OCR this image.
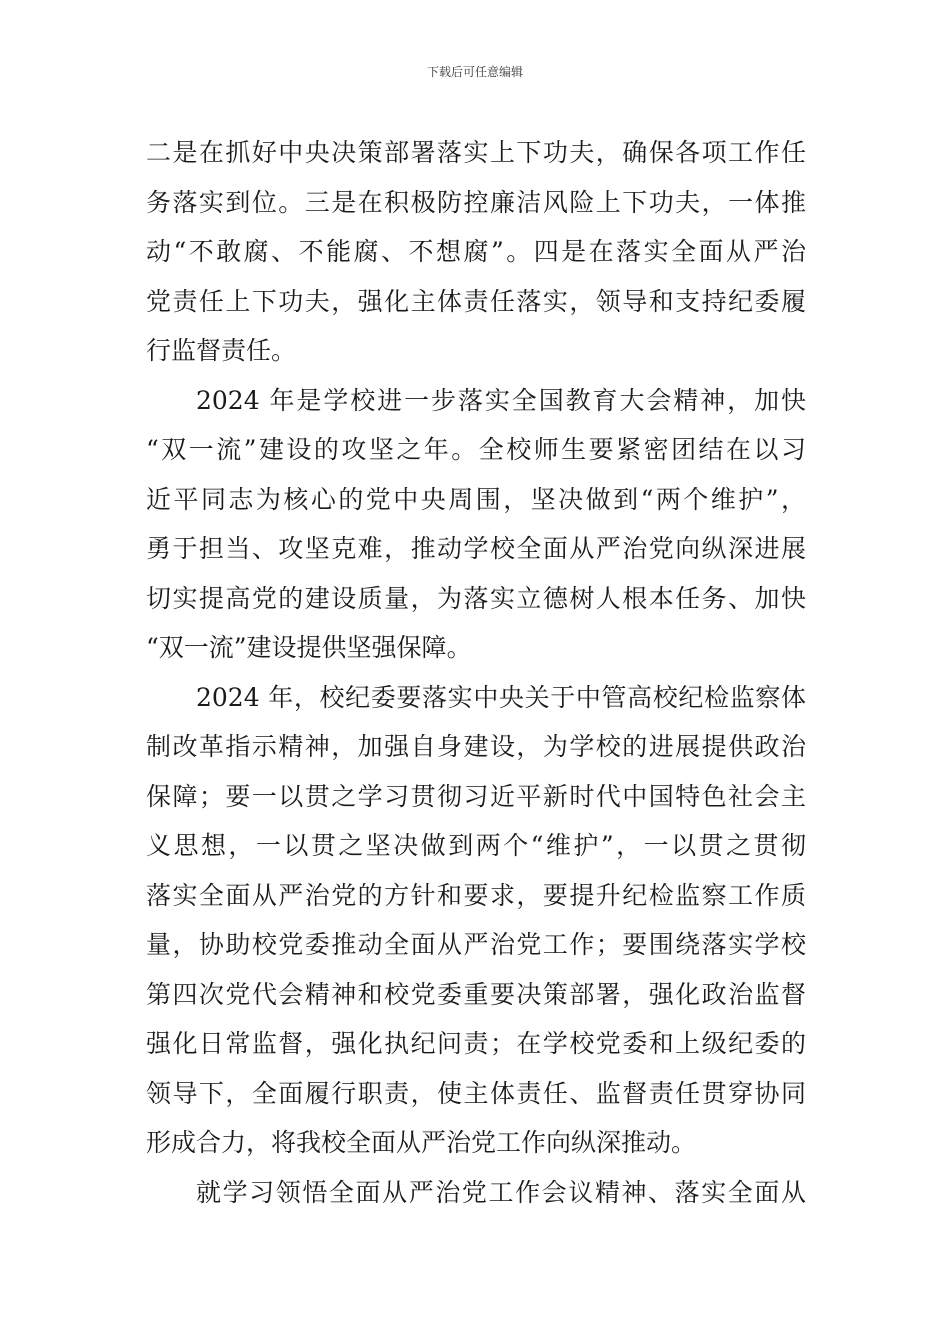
下载后可任意编辑
二是在抓好中央决策部署落实上下功夫，确保各项工作任
务落实到位。三是在积极防控廉洁风险上下功夫，一体推
动“不敢腐、不能腐、不想腐”。四是在落实全面从严治
党责任上下功夫，强化主体责任落实，领导和支持纪委履
行监督责任。
2024 年是学校进一步落实全国教育大会精神，加快
“双一流”建设的攻坚之年。全校师生要紧密团结在以习
近平同志为核心的党中央周围，坚决做到“两个维护”，
勇于担当、攻坚克难，推动学校全面从严治党向纵深进展
切实提高党的建设质量，为落实立德树人根本任务、加快
“双一流”建设提供坚强保障。
2024 年，校纪委要落实中央关于中管高校纪检监察体
制改革指示精神，加强自身建设，为学校的进展提供政治
保障；要一以贯之学习贯彻习近平新时代中国特色社会主
义思想，一以贯之坚决做到两个“维护”，一以贯之贯彻
落实全面从严治党的方针和要求，要提升纪检监察工作质
量，协助校党委推动全面从严治党工作；要围绕落实学校
第四次党代会精神和校党委重要决策部署，强化政治监督
强化日常监督，强化执纪问责；在学校党委和上级纪委的
领导下，全面履行职责，使主体责任、监督责任贯穿协同
形成合力，将我校全面从严治党工作向纵深推动。
就学习领悟全面从严治党工作会议精神、落实全面从
